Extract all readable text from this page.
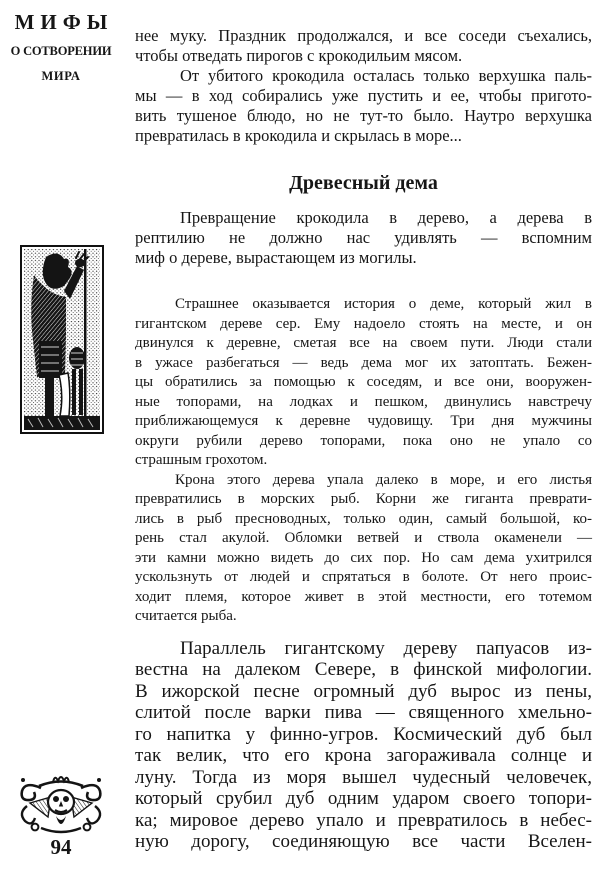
МИФЫ
О СОТВОРЕНИИ
МИРА
94
нее муку. Праздник продолжался, и все соседи съехались,
чтобы отведать пирогов с крокодильим мясом.
От убитого крокодила осталась только верхушка паль-
мы — в ход собирались уже пустить и ее, чтобы пригото-
вить тушеное блюдо, но не тут-то было. Наутро верхушка
превратилась в крокодила и скрылась в море...
Древесный дема
Превращение крокодила в дерево, а дерева в
рептилию не должно нас удивлять — вспомним
миф о дереве, вырастающем из могилы.
Страшнее оказывается история о деме, который жил в
гигантском дереве сер. Ему надоело стоять на месте, и он
двинулся к деревне, сметая все на своем пути. Люди стали
в ужасе разбегаться — ведь дема мог их затоптать. Бежен-
цы обратились за помощью к соседям, и все они, вооружен-
ные топорами, на лодках и пешком, двинулись навстречу
приближающемуся к деревне чудовищу. Три дня мужчины
округи рубили дерево топорами, пока оно не упало со
страшным грохотом.
Крона этого дерева упала далеко в море, и его листья
превратились в морских рыб. Корни же гиганта преврати-
лись в рыб пресноводных, только один, самый большой, ко-
рень стал акулой. Обломки ветвей и ствола окаменели —
эти камни можно видеть до сих пор. Но сам дема ухитрился
ускользнуть от людей и спрятаться в болоте. От него проис-
ходит племя, которое живет в этой местности, его тотемом
считается рыба.
Параллель гигантскому дереву папуасов из-
вестна на далеком Севере, в финской мифологии.
В ижорской песне огромный дуб вырос из пены,
слитой после варки пива — священного хмельно-
го напитка у финно-угров. Космический дуб был
так велик, что его крона загораживала солнце и
луну. Тогда из моря вышел чудесный человечек,
который срубил дуб одним ударом своего топори-
ка; мировое дерево упало и превратилось в небес-
ную дорогу, соединяющую все части Вселен-
